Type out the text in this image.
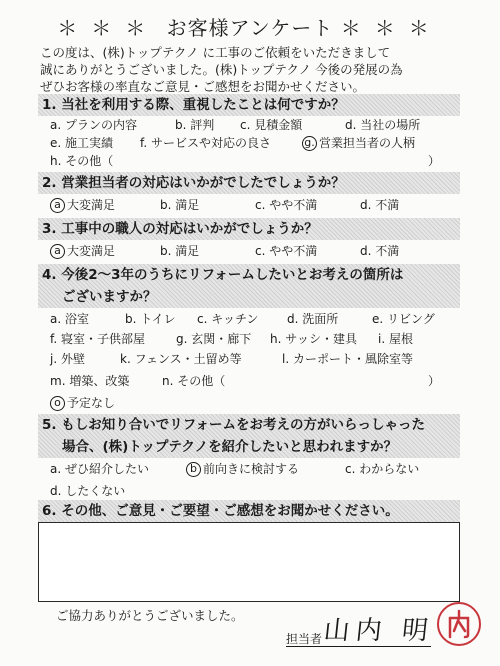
＊＊＊ お客様アンケート ＊＊＊
この度は、(株)トップテクノ に工事のご依頼をいただきまして
誠にありがとうございました。(株)トップテクノ 今後の発展の為
ぜひお客様の率直なご意見・ご感想をお聞かせください。
1. 当社を利用する際、重視したことは何ですか？
a. プランの内容	b. 評判 c. 見積金額	d. 当社の場所
e. 施工実績 f. サービスや対応の良さ	g. 営業担当者の人柄
h. その他（	）
2. 営業担当者の対応はいかがでしたでしょうか？
a 大変満足	b. 満足	c. やや不満	d. 不満
3. 工事中の職人の対応はいかがでしょうか？
a 大変満足	b. 満足	c. やや不満	d. 不満
4. 今後2～3年のうちにリフォームしたいとお考えの箇所は
ございますか？
a. 浴室	b. トイレ c. キッチン d. 洗面所	e. リビング
f. 寝室・子供部屋	g. 玄関・廊下 h. サッシ・建具 i. 屋根
j. 外壁	k. フェンス・土留め等	l. カーポート・風除室等
m. 増築、改築	n. その他（	）
o 予定なし
5. もしお知り合いでリフォームをお考えの方がいらっしゃった
場合、(株)トップテクノを紹介したいと思われますか？
a. ぜひ紹介したい	b 前向きに検討する	c. わからない
d. したくない
6. その他、ご意見・ご要望・ご感想をお聞かせください。
ご協力ありがとうございました。
担当者 山内 明
